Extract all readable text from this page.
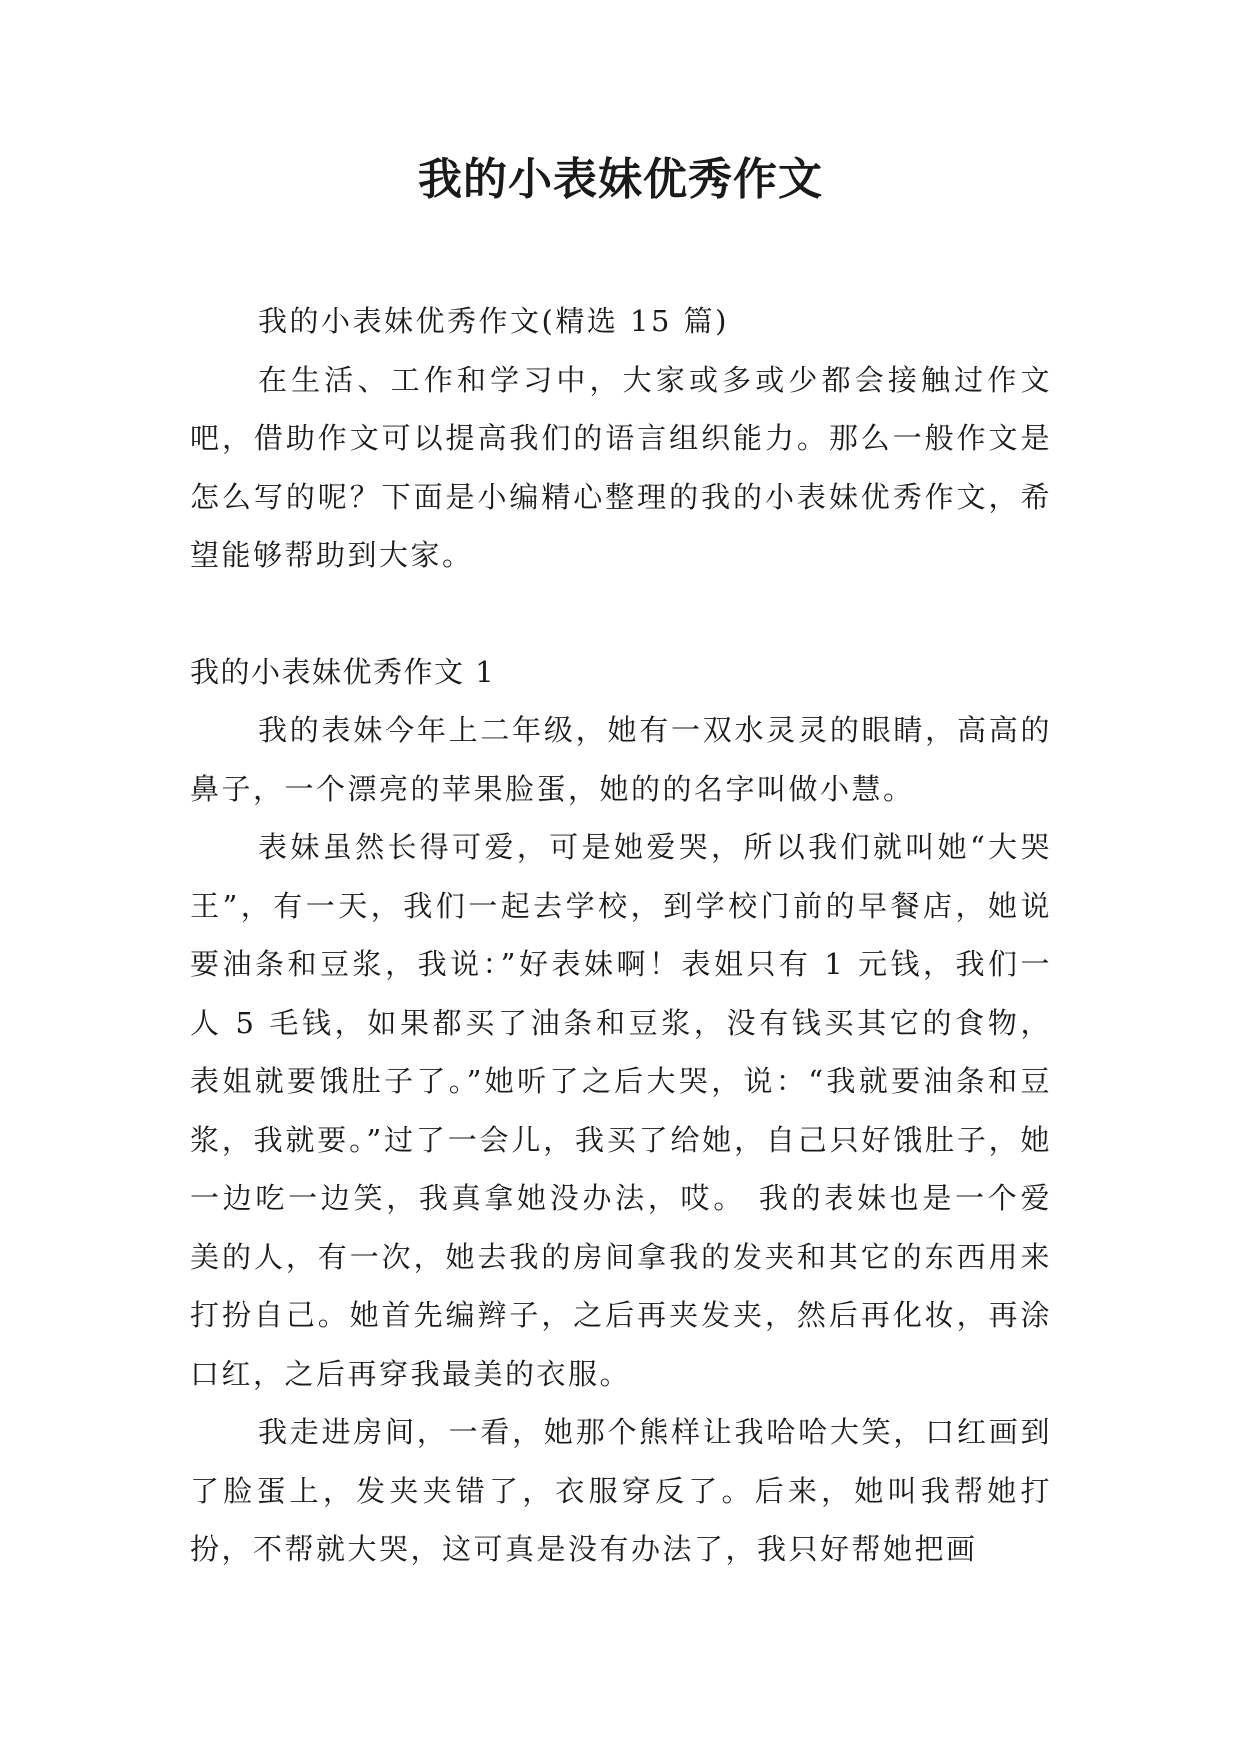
我的小表妹优秀作文

我的小表妹优秀作文(精选 15 篇)

在生活、工作和学习中，大家或多或少都会接触过作文吧，借助作文可以提高我们的语言组织能力。那么一般作文是怎么写的呢？下面是小编精心整理的我的小表妹优秀作文，希望能够帮助到大家。

我的小表妹优秀作文 1

我的表妹今年上二年级，她有一双水灵灵的眼睛，高高的鼻子，一个漂亮的苹果脸蛋，她的的名字叫做小慧。

表妹虽然长得可爱，可是她爱哭，所以我们就叫她“大哭王”，有一天，我们一起去学校，到学校门前的早餐店，她说要油条和豆浆，我说：”好表妹啊！表姐只有 1 元钱，我们一人 5 毛钱，如果都买了油条和豆浆，没有钱买其它的食物，表姐就要饿肚子了。”她听了之后大哭，说：“我就要油条和豆浆，我就要。”过了一会儿，我买了给她，自己只好饿肚子，她一边吃一边笑，我真拿她没办法，哎。 我的表妹也是一个爱美的人，有一次，她去我的房间拿我的发夹和其它的东西用来打扮自己。她首先编辫子，之后再夹发夹，然后再化妆，再涂口红，之后再穿我最美的衣服。

我走进房间，一看，她那个熊样让我哈哈大笑，口红画到了脸蛋上，发夹夹错了，衣服穿反了。后来，她叫我帮她打扮，不帮就大哭，这可真是没有办法了，我只好帮她把画
